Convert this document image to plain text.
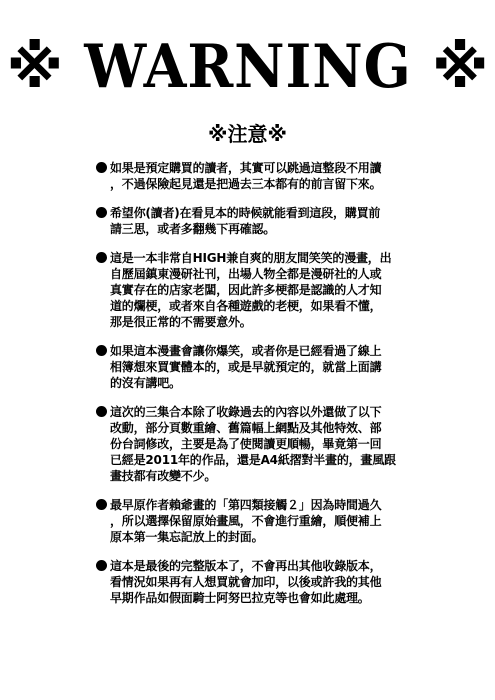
※ WARNING ※
※注意※
如果是預定購買的讀者，其實可以跳過這整段不用讀
，不過保險起見還是把過去三本都有的前言留下來。
希望你(讀者)在看見本的時候就能看到這段，購買前
請三思，或者多翻幾下再確認。
這是一本非常自HIGH兼自爽的朋友間笑笑的漫畫，出
自歷屆鎮東漫研社刊，出場人物全都是漫研社的人或
真實存在的店家老闆，因此許多梗都是認識的人才知
道的爛梗，或者來自各種遊戲的老梗，如果看不懂，
那是很正常的不需要意外。
如果這本漫畫會讓你爆笑，或者你是已經看過了線上
相簿想來買實體本的，或是早就預定的，就當上面講
的沒有講吧。
這次的三集合本除了收錄過去的內容以外還做了以下
改動，部分頁數重繪、舊篇幅上網點及其他特效、部
份台詞修改，主要是為了使閱讀更順暢，畢竟第一回
已經是2011年的作品，還是A4紙摺對半畫的，畫風跟
畫技都有改變不少。
最早原作者賴爺畫的「第四類接觸２」因為時間過久
，所以選擇保留原始畫風，不會進行重繪，順便補上
原本第一集忘記放上的封面。
這本是最後的完整版本了，不會再出其他收錄版本，
看情況如果再有人想買就會加印，以後或許我的其他
早期作品如假面騎士阿努巴拉克等也會如此處理。
